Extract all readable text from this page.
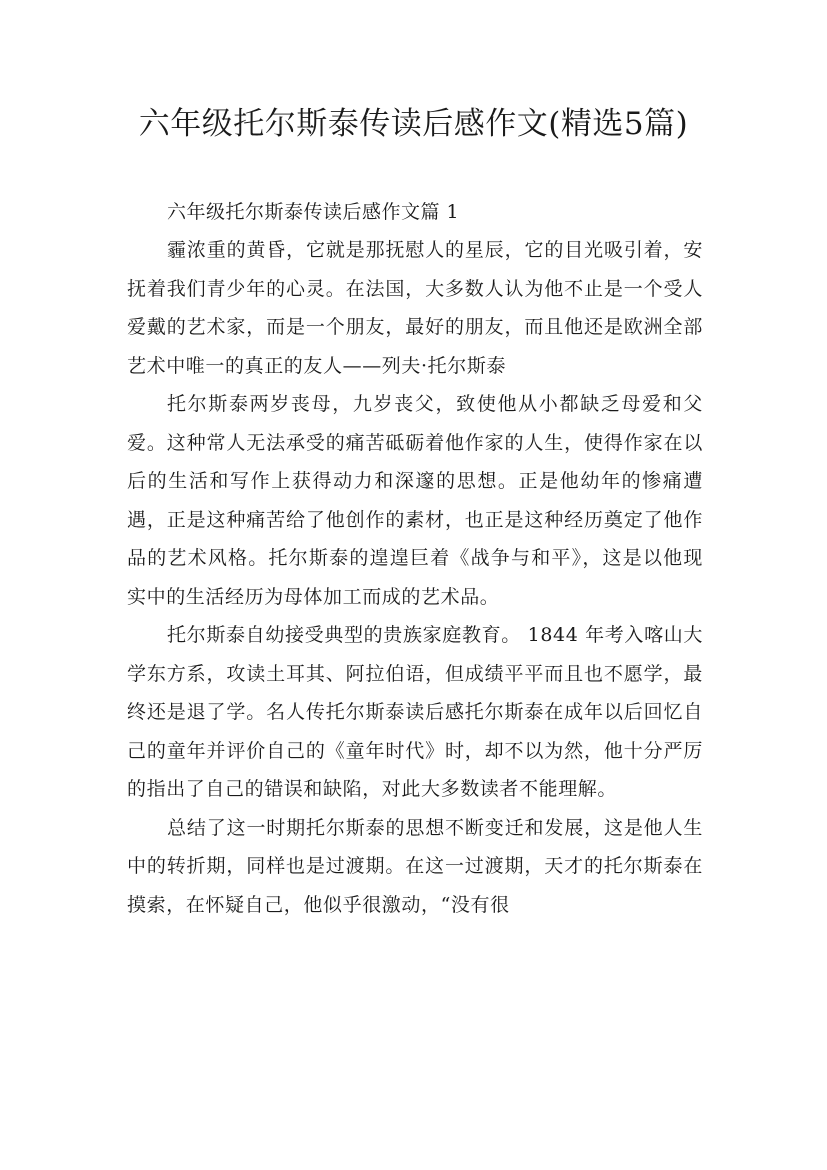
六年级托尔斯泰传读后感作文(精选5篇)

六年级托尔斯泰传读后感作文篇 1

霾浓重的黄昏，它就是那抚慰人的星辰，它的目光吸引着，安抚着我们青少年的心灵。在法国，大多数人认为他不止是一个受人爱戴的艺术家，而是一个朋友，最好的朋友，而且他还是欧洲全部艺术中唯一的真正的友人——列夫·托尔斯泰

托尔斯泰两岁丧母，九岁丧父，致使他从小都缺乏母爱和父爱。这种常人无法承受的痛苦砥砺着他作家的人生，使得作家在以后的生活和写作上获得动力和深邃的思想。正是他幼年的惨痛遭遇，正是这种痛苦给了他创作的素材，也正是这种经历奠定了他作品的艺术风格。托尔斯泰的遑遑巨着《战争与和平》，这是以他现实中的生活经历为母体加工而成的艺术品。

托尔斯泰自幼接受典型的贵族家庭教育。 1844 年考入喀山大学东方系，攻读土耳其、阿拉伯语，但成绩平平而且也不愿学，最终还是退了学。名人传托尔斯泰读后感托尔斯泰在成年以后回忆自己的童年并评价自己的《童年时代》时，却不以为然，他十分严厉的指出了自己的错误和缺陷，对此大多数读者不能理解。

总结了这一时期托尔斯泰的思想不断变迁和发展，这是他人生中的转折期，同样也是过渡期。在这一过渡期，天才的托尔斯泰在摸索，在怀疑自己，他似乎很激动，“没有很
